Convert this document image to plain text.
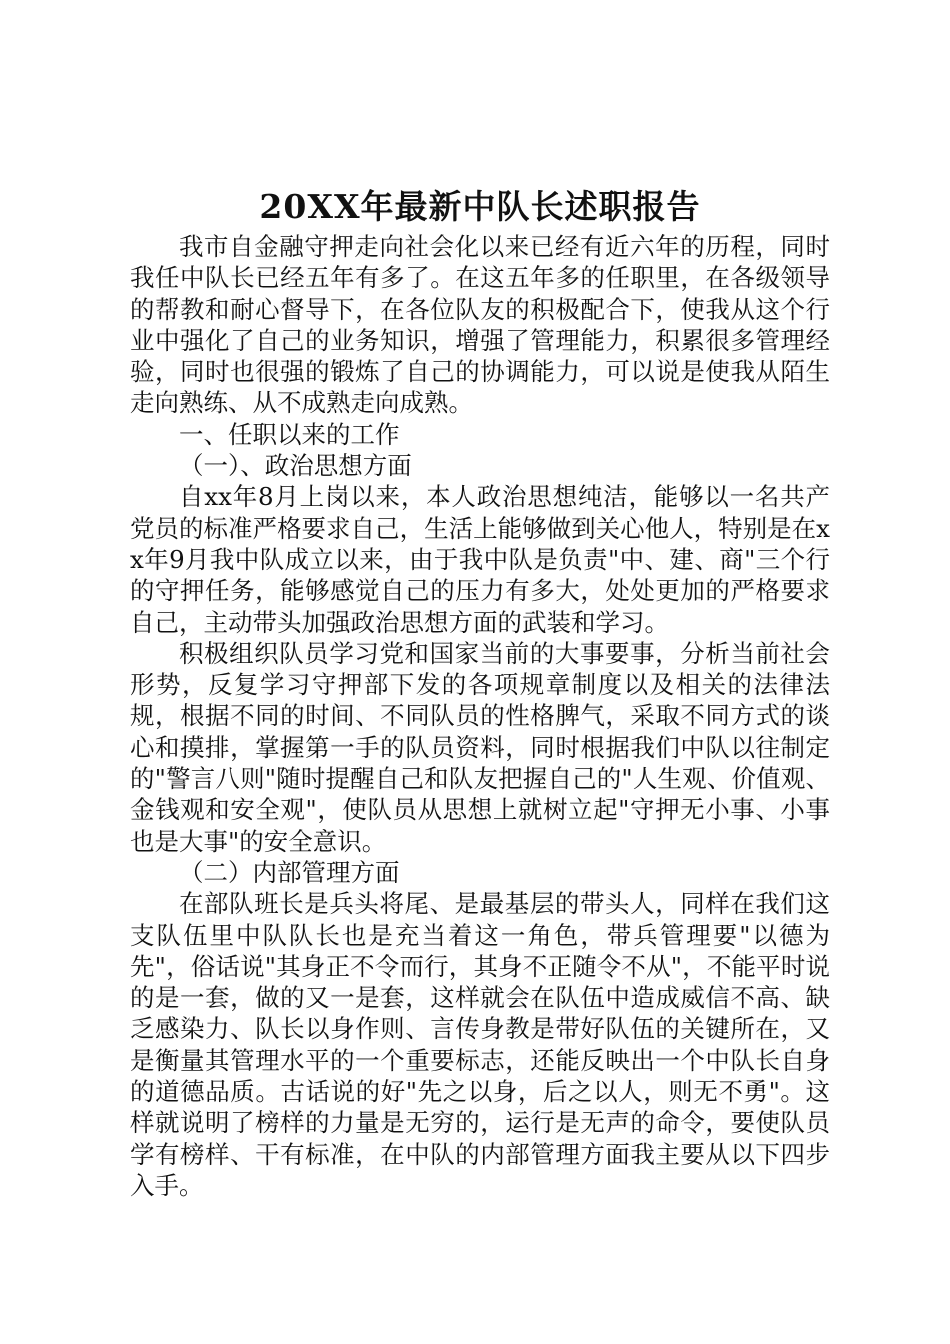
20XX年最新中队长述职报告

我市自金融守押走向社会化以来已经有近六年的历程，同时我任中队长已经五年有多了。在这五年多的任职里，在各级领导的帮教和耐心督导下，在各位队友的积极配合下，使我从这个行业中强化了自己的业务知识，增强了管理能力，积累很多管理经验，同时也很强的锻炼了自己的协调能力，可以说是使我从陌生走向熟练、从不成熟走向成熟。

一、任职以来的工作

（一）、政治思想方面

自xx年8月上岗以来，本人政治思想纯洁，能够以一名共产党员的标准严格要求自己，生活上能够做到关心他人，特别是在xx年9月我中队成立以来，由于我中队是负责"中、建、商"三个行的守押任务，能够感觉自己的压力有多大，处处更加的严格要求自己，主动带头加强政治思想方面的武装和学习。

积极组织队员学习党和国家当前的大事要事，分析当前社会形势，反复学习守押部下发的各项规章制度以及相关的法律法规，根据不同的时间、不同队员的性格脾气，采取不同方式的谈心和摸排，掌握第一手的队员资料，同时根据我们中队以往制定的"警言八则"随时提醒自己和队友把握自己的"人生观、价值观、金钱观和安全观"，使队员从思想上就树立起"守押无小事、小事也是大事"的安全意识。

（二）内部管理方面

在部队班长是兵头将尾、是最基层的带头人，同样在我们这支队伍里中队队长也是充当着这一角色，带兵管理要"以德为先"，俗话说"其身正不令而行，其身不正随令不从"，不能平时说的是一套，做的又一是套，这样就会在队伍中造成威信不高、缺乏感染力、队长以身作则、言传身教是带好队伍的关键所在，又是衡量其管理水平的一个重要标志，还能反映出一个中队长自身的道德品质。古话说的好"先之以身，后之以人，则无不勇"。这样就说明了榜样的力量是无穷的，运行是无声的命令，要使队员学有榜样、干有标准，在中队的内部管理方面我主要从以下四步入手。
